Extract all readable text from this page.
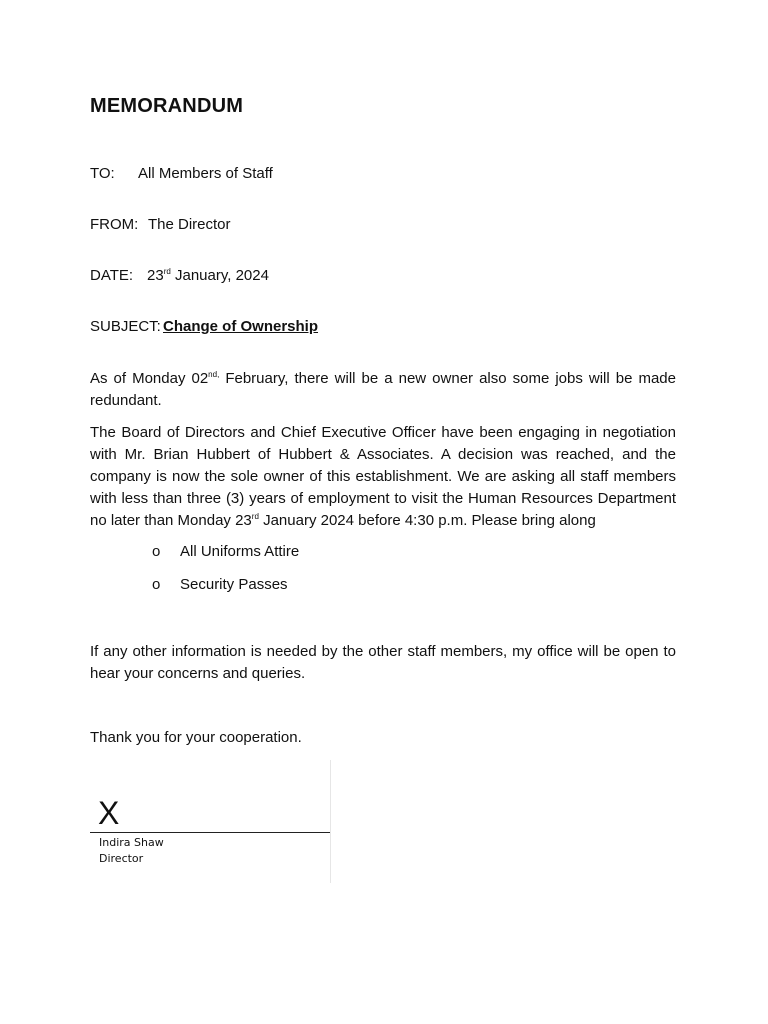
MEMORANDUM
TO: All Members of Staff
FROM: The Director
DATE: 23rd January, 2024
SUBJECT: Change of Ownership

As of Monday $02^{nd,}$ February, there will be a new owner also some jobs will be made redundant.

The Board of Directors and Chief Executive Officer have been engaging in negotiation with Mr. Brian Hubbert of Hubbert & Associates. A decision was reached, and the company is now the sole owner of this establishment. We are asking all staff members with less than three (3) years of employment to visit the Human Resources Department no later than Monday 23rd January 2024 before 4:30 p.m. Please bring along

o All Uniforms Attire
o Security Passes

If any other information is needed by the other staff members, my office will be open to hear your concerns and queries.

Thank you for your cooperation.

X
Indira Shaw
Director
